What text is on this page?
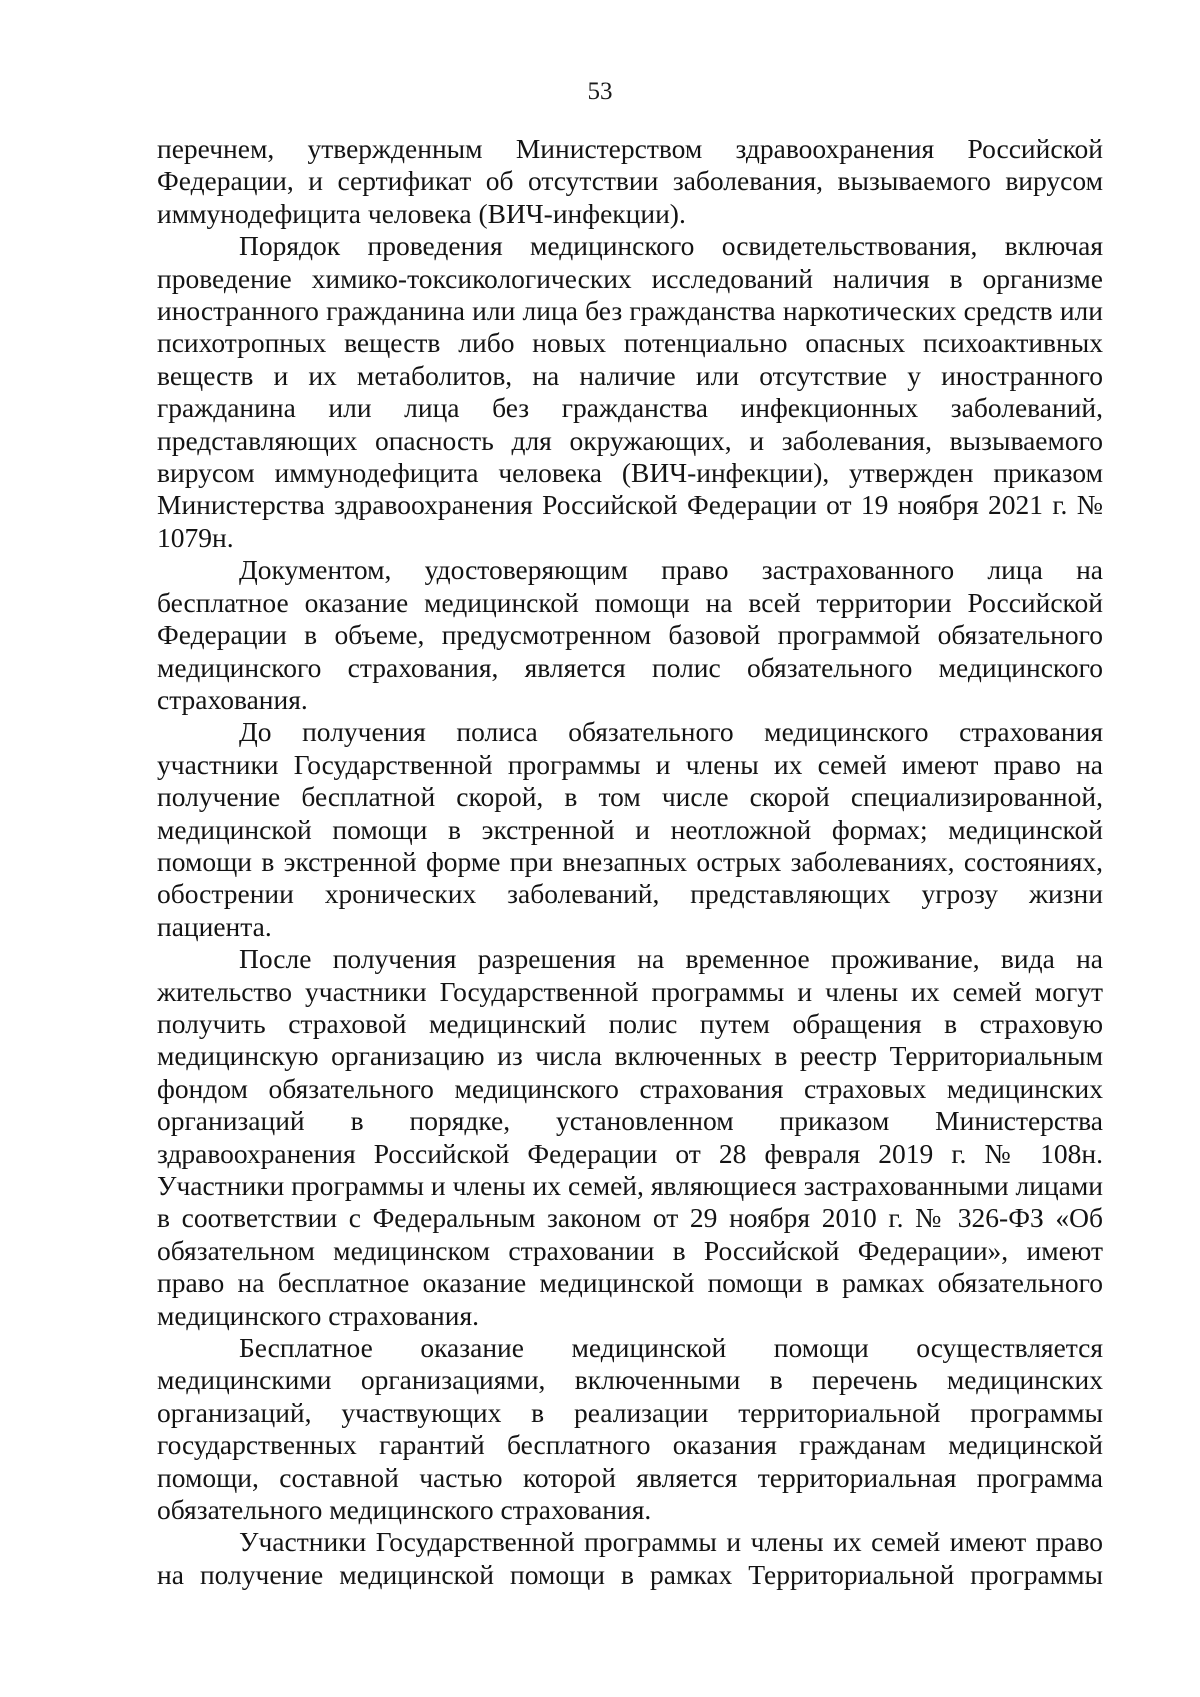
53

перечнем, утвержденным Министерством здравоохранения Российской Федерации, и сертификат об отсутствии заболевания, вызываемого вирусом иммунодефицита человека (ВИЧ-инфекции).

Порядок проведения медицинского освидетельствования, включая проведение химико-токсикологических исследований наличия в организме иностранного гражданина или лица без гражданства наркотических средств или психотропных веществ либо новых потенциально опасных психоактивных веществ и их метаболитов, на наличие или отсутствие у иностранного гражданина или лица без гражданства инфекционных заболеваний, представляющих опасность для окружающих, и заболевания, вызываемого вирусом иммунодефицита человека (ВИЧ-инфекции), утвержден приказом Министерства здравоохранения Российской Федерации от 19 ноября 2021 г. № 1079н.

Документом, удостоверяющим право застрахованного лица на бесплатное оказание медицинской помощи на всей территории Российской Федерации в объеме, предусмотренном базовой программой обязательного медицинского страхования, является полис обязательного медицинского страхования.

До получения полиса обязательного медицинского страхования участники Государственной программы и члены их семей имеют право на получение бесплатной скорой, в том числе скорой специализированной, медицинской помощи в экстренной и неотложной формах; медицинской помощи в экстренной форме при внезапных острых заболеваниях, состояниях, обострении хронических заболеваний, представляющих угрозу жизни пациента.

После получения разрешения на временное проживание, вида на жительство участники Государственной программы и члены их семей могут получить страховой медицинский полис путем обращения в страховую медицинскую организацию из числа включенных в реестр Территориальным фондом обязательного медицинского страхования страховых медицинских организаций в порядке, установленном приказом Министерства здравоохранения Российской Федерации от 28 февраля 2019 г. № 108н. Участники программы и члены их семей, являющиеся застрахованными лицами в соответствии с Федеральным законом от 29 ноября 2010 г. № 326-ФЗ «Об обязательном медицинском страховании в Российской Федерации», имеют право на бесплатное оказание медицинской помощи в рамках обязательного медицинского страхования.

Бесплатное оказание медицинской помощи осуществляется медицинскими организациями, включенными в перечень медицинских организаций, участвующих в реализации территориальной программы государственных гарантий бесплатного оказания гражданам медицинской помощи, составной частью которой является территориальная программа обязательного медицинского страхования.

Участники Государственной программы и члены их семей имеют право на получение медицинской помощи в рамках Территориальной программы
